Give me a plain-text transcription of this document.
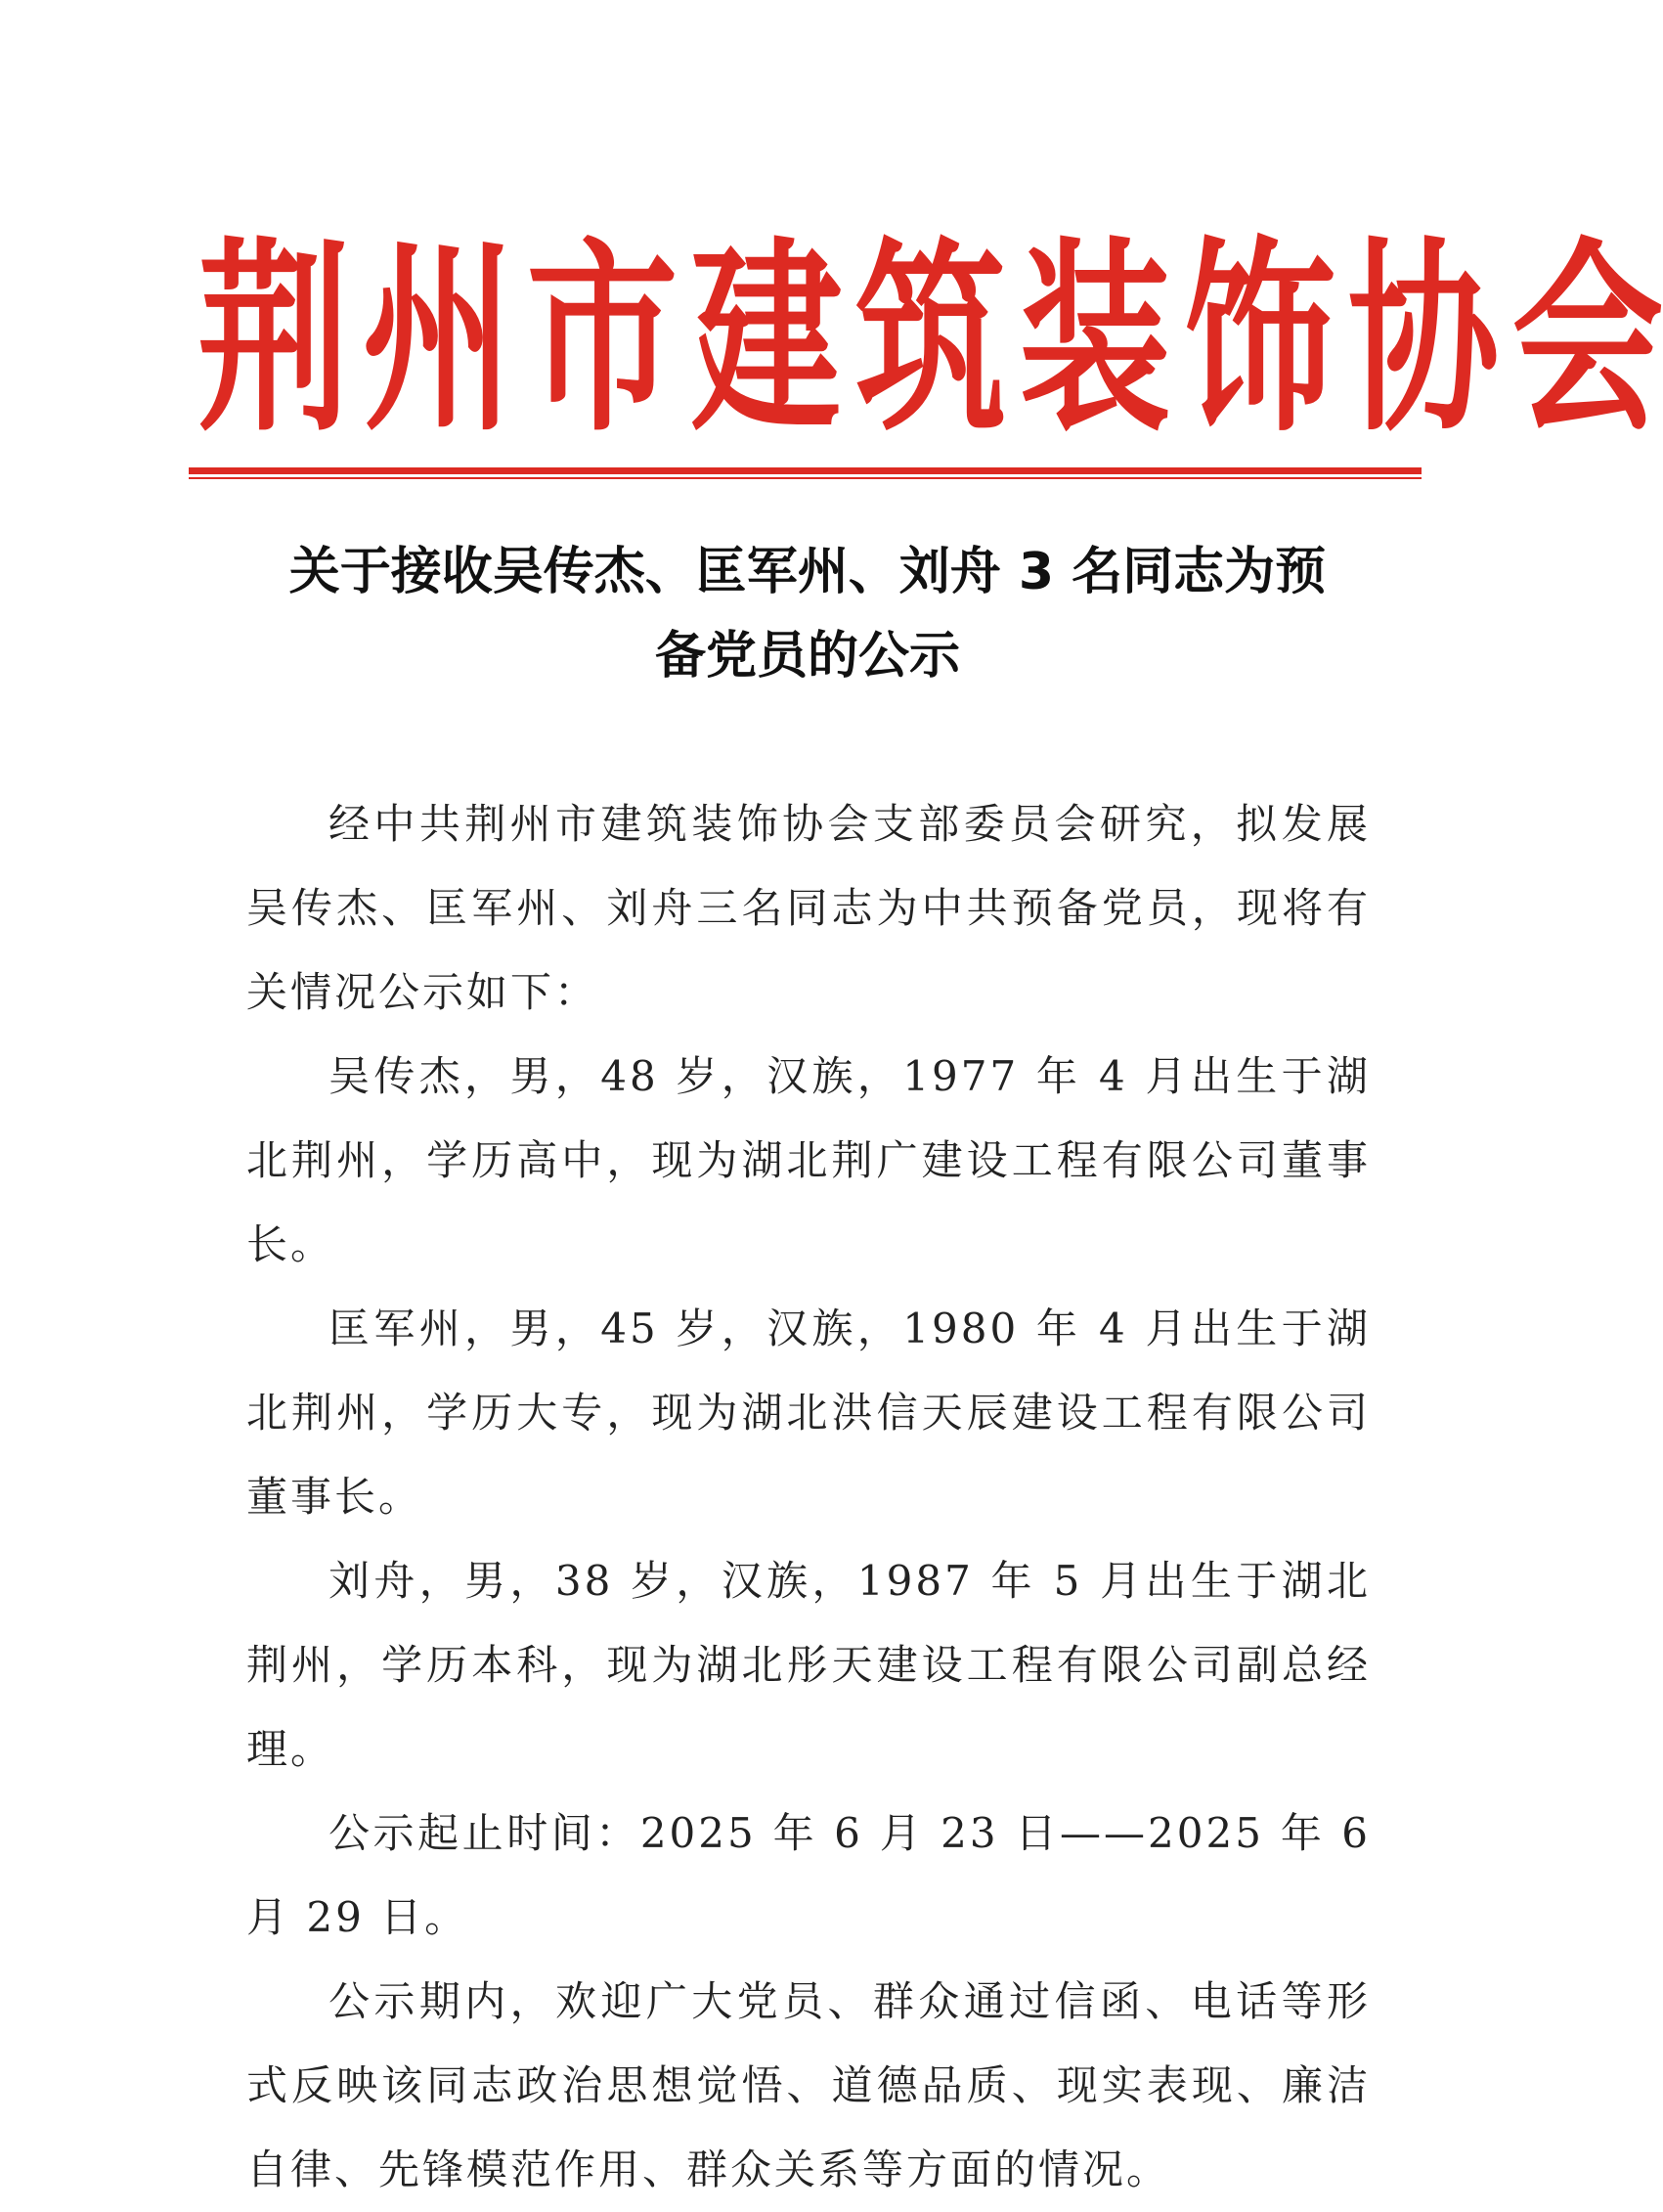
荆 州 市 建 筑 装 饰 协 会
关于接收吴传杰、匡军州、刘舟 3 名同志为预
备党员的公示

经中共荆州市建筑装饰协会支部委员会研究，拟发展吴传杰、匡军州、刘舟三名同志为中共预备党员，现将有关情况公示如下：

吴传杰，男，48 岁，汉族，1977 年 4 月出生于湖北荆州，学历高中，现为湖北荆广建设工程有限公司董事长。

匡军州，男，45 岁，汉族，1980 年 4 月出生于湖北荆州，学历大专，现为湖北洪信天辰建设工程有限公司董事长。

刘舟，男，38 岁，汉族，1987 年 5 月出生于湖北荆州，学历本科，现为湖北彤天建设工程有限公司副总经理。

公示起止时间：2025 年 6 月 23 日——2025 年 6 月 29 日。

公示期内，欢迎广大党员、群众通过信函、电话等形式反映该同志政治思想觉悟、道德品质、现实表现、廉洁自律、先锋模范作用、群众关系等方面的情况。
